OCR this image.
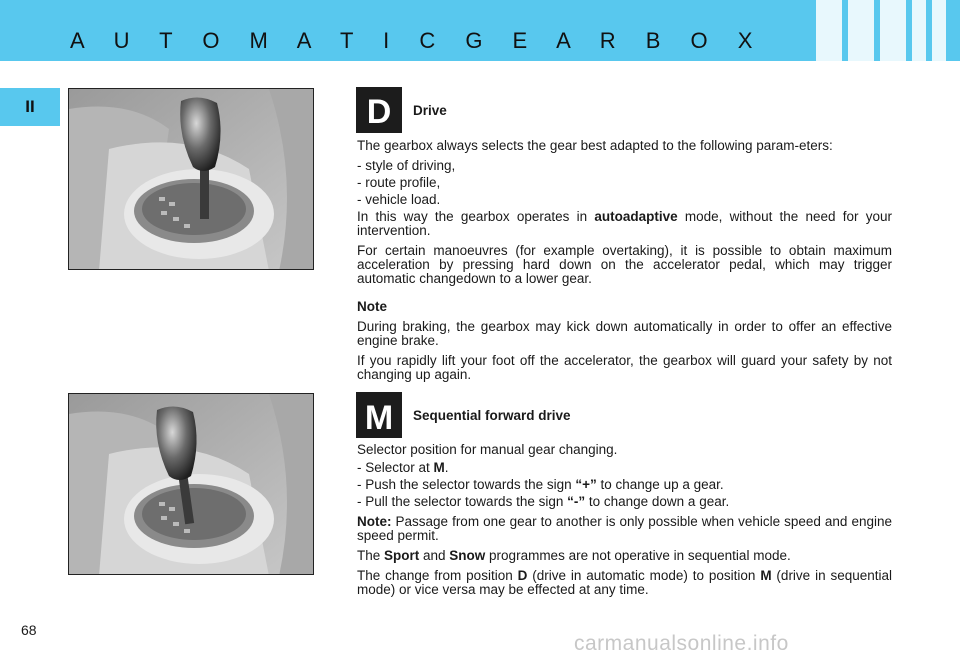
A U T O M A T I C G E A R B O X
II	D Drive

The gearbox always selects the gear best adapted to the following param-eters:

- style of driving,
- route profile,
- vehicle load.

In this way the gearbox operates in autoadaptive mode, without the need for your intervention.

For certain manoeuvres (for example overtaking), it is possible to obtain maximum acceleration by pressing hard down on the accelerator pedal, which may trigger automatic changedown to a lower gear.

Note

During braking, the gearbox may kick down automatically in order to offer an effective engine brake.

If you rapidly lift your foot off the accelerator, the gearbox will guard your safety by not changing up again.

M Sequential forward drive

Selector position for manual gear changing.

- Selector at M.
- Push the selector towards the sign “+” to change up a gear.
- Pull the selector towards the sign “-” to change down a gear.

Note: Passage from one gear to another is only possible when vehicle speed and engine speed permit.

The Sport and Snow programmes are not operative in sequential mode.

The change from position D (drive in automatic mode) to position M (drive in sequential mode) or vice versa may be effected at any time.

68
carmanualsonline.info
